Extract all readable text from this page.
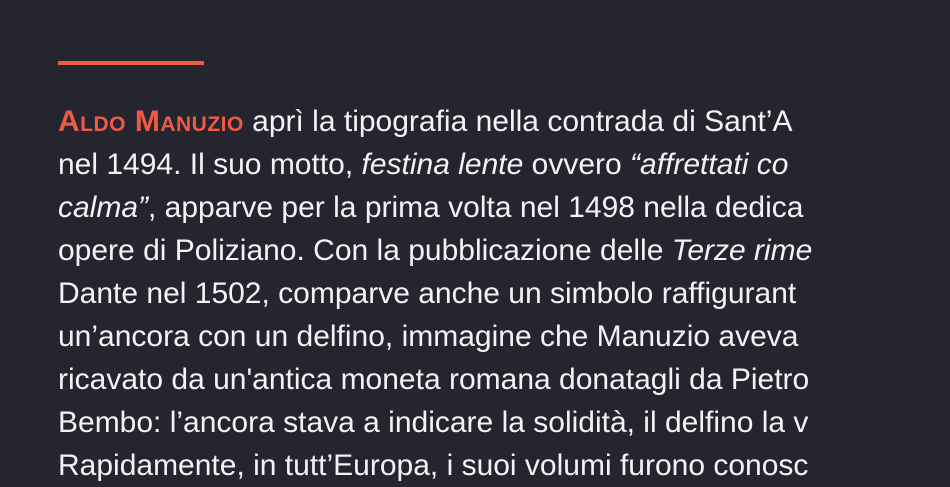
Aldo Manuzio aprì la tipografia nella contrada di Sant’A
nel 1494. Il suo motto, festina lente ovvero “affrettati co
calma”, apparve per la prima volta nel 1498 nella dedica
opere di Poliziano. Con la pubblicazione delle Terze rime
Dante nel 1502, comparve anche un simbolo raffigurant
un’ancora con un delfino, immagine che Manuzio aveva
ricavato da un'antica moneta romana donatagli da Pietro
Bembo: l’ancora stava a indicare la solidità, il delfino la v
Rapidamente, in tutt’Europa, i suoi volumi furono conosc
